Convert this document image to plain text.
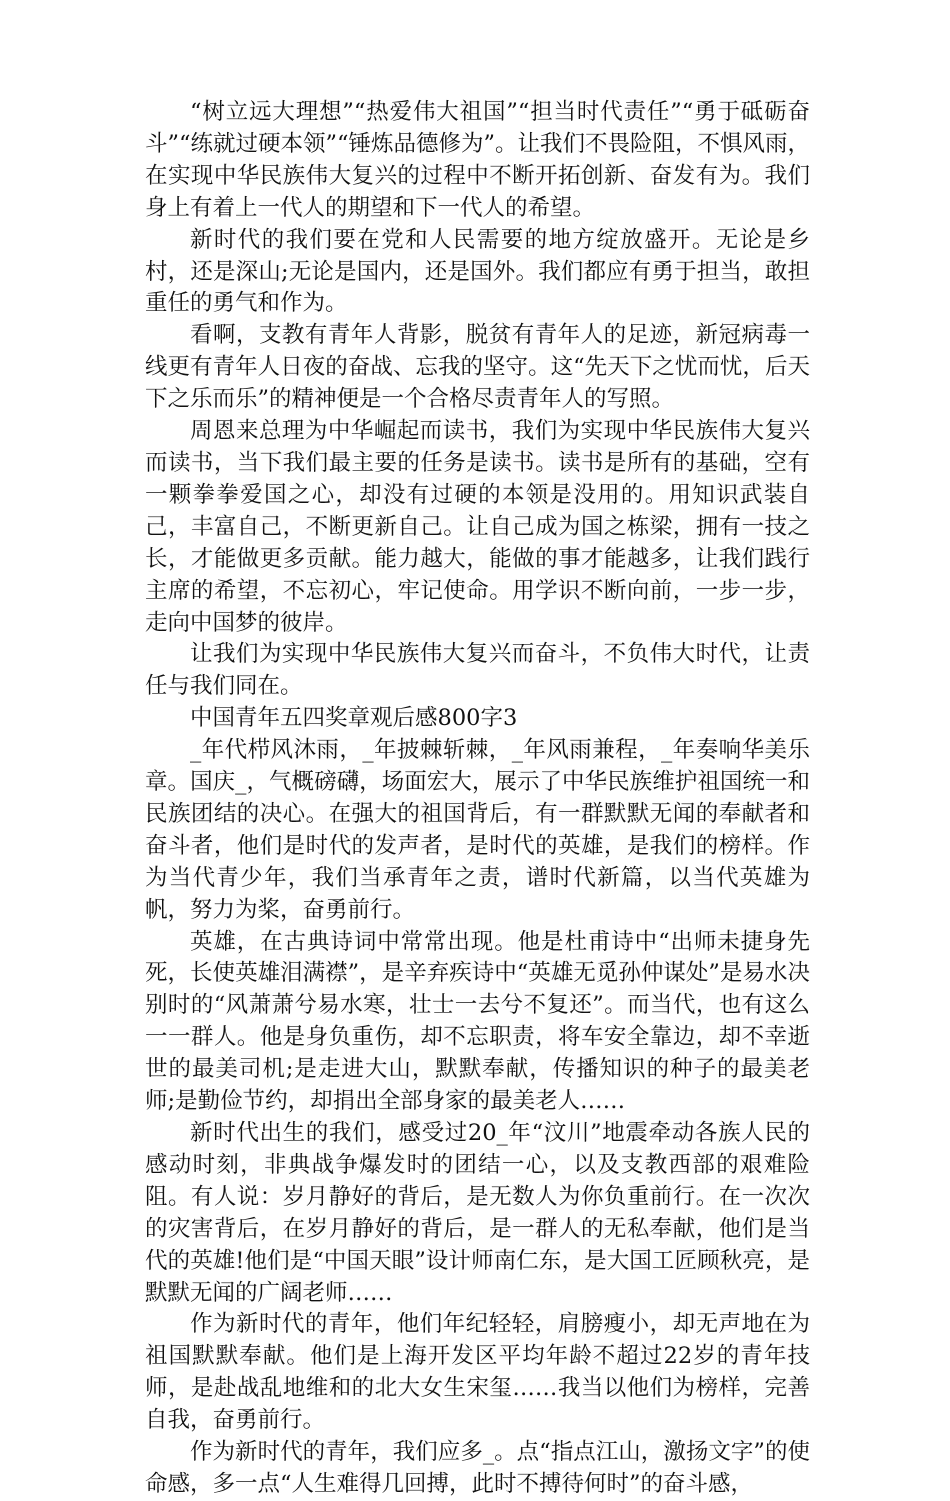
“树立远大理想”“热爱伟大祖国”“担当时代责任”“勇于砥砺奋斗”“练就过硬本领”“锤炼品德修为”。让我们不畏险阻，不惧风雨，在实现中华民族伟大复兴的过程中不断开拓创新、奋发有为。我们身上有着上一代人的期望和下一代人的希望。

新时代的我们要在党和人民需要的地方绽放盛开。无论是乡村，还是深山;无论是国内，还是国外。我们都应有勇于担当，敢担重任的勇气和作为。

看啊，支教有青年人背影，脱贫有青年人的足迹，新冠病毒一线更有青年人日夜的奋战、忘我的坚守。这“先天下之忧而忧，后天下之乐而乐”的精神便是一个合格尽责青年人的写照。

周恩来总理为中华崛起而读书，我们为实现中华民族伟大复兴而读书，当下我们最主要的任务是读书。读书是所有的基础，空有一颗拳拳爱国之心，却没有过硬的本领是没用的。用知识武装自己，丰富自己，不断更新自己。让自己成为国之栋梁，拥有一技之长，才能做更多贡献。能力越大，能做的事才能越多，让我们践行主席的希望，不忘初心，牢记使命。用学识不断向前，一步一步，走向中国梦的彼岸。

让我们为实现中华民族伟大复兴而奋斗，不负伟大时代，让责任与我们同在。

中国青年五四奖章观后感800字3

_年代栉风沐雨，_年披棘斩棘，_年风雨兼程，_年奏响华美乐章。国庆_，气概磅礴，场面宏大，展示了中华民族维护祖国统一和民族团结的决心。在强大的祖国背后，有一群默默无闻的奉献者和奋斗者，他们是时代的发声者，是时代的英雄，是我们的榜样。作为当代青少年，我们当承青年之责，谱时代新篇，以当代英雄为帆，努力为桨，奋勇前行。

英雄，在古典诗词中常常出现。他是杜甫诗中“出师未捷身先死，长使英雄泪满襟”，是辛弃疾诗中“英雄无觅孙仲谋处”是易水决别时的“风萧萧兮易水寒，壮士一去兮不复还”。而当代，也有这么一一群人。他是身负重伤，却不忘职责，将车安全靠边，却不幸逝世的最美司机;是走进大山，默默奉献，传播知识的种子的最美老师;是勤俭节约，却捐出全部身家的最美老人……

新时代出生的我们，感受过20_年“汶川”地震牵动各族人民的感动时刻，非典战争爆发时的团结一心，以及支教西部的艰难险阻。有人说：岁月静好的背后，是无数人为你负重前行。在一次次的灾害背后，在岁月静好的背后，是一群人的无私奉献，他们是当代的英雄!他们是“中国天眼”设计师南仁东，是大国工匠顾秋亮，是默默无闻的广阔老师……

作为新时代的青年，他们年纪轻轻，肩膀瘦小，却无声地在为祖国默默奉献。他们是上海开发区平均年龄不超过22岁的青年技师，是赴战乱地维和的北大女生宋玺……我当以他们为榜样，完善自我，奋勇前行。

作为新时代的青年，我们应多_。点“指点江山，激扬文字”的使命感，多一点“人生难得几回搏，此时不搏待何时”的奋斗感，
